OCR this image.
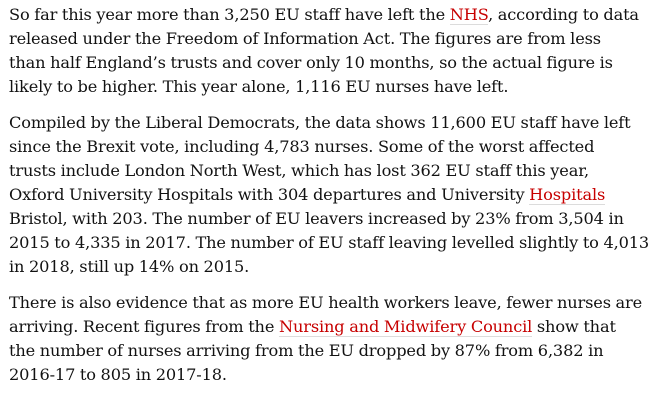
So far this year more than 3,250 EU staff have left the NHS, according to data
released under the Freedom of Information Act. The figures are from less
than half England’s trusts and cover only 10 months, so the actual figure is
likely to be higher. This year alone, 1,116 EU nurses have left.

Compiled by the Liberal Democrats, the data shows 11,600 EU staff have left
since the Brexit vote, including 4,783 nurses. Some of the worst affected
trusts include London North West, which has lost 362 EU staff this year,
Oxford University Hospitals with 304 departures and University Hospitals
Bristol, with 203. The number of EU leavers increased by 23% from 3,504 in
2015 to 4,335 in 2017. The number of EU staff leaving levelled slightly to 4,013
in 2018, still up 14% on 2015.

There is also evidence that as more EU health workers leave, fewer nurses are
arriving. Recent figures from the Nursing and Midwifery Council show that
the number of nurses arriving from the EU dropped by 87% from 6,382 in
2016-17 to 805 in 2017-18.
